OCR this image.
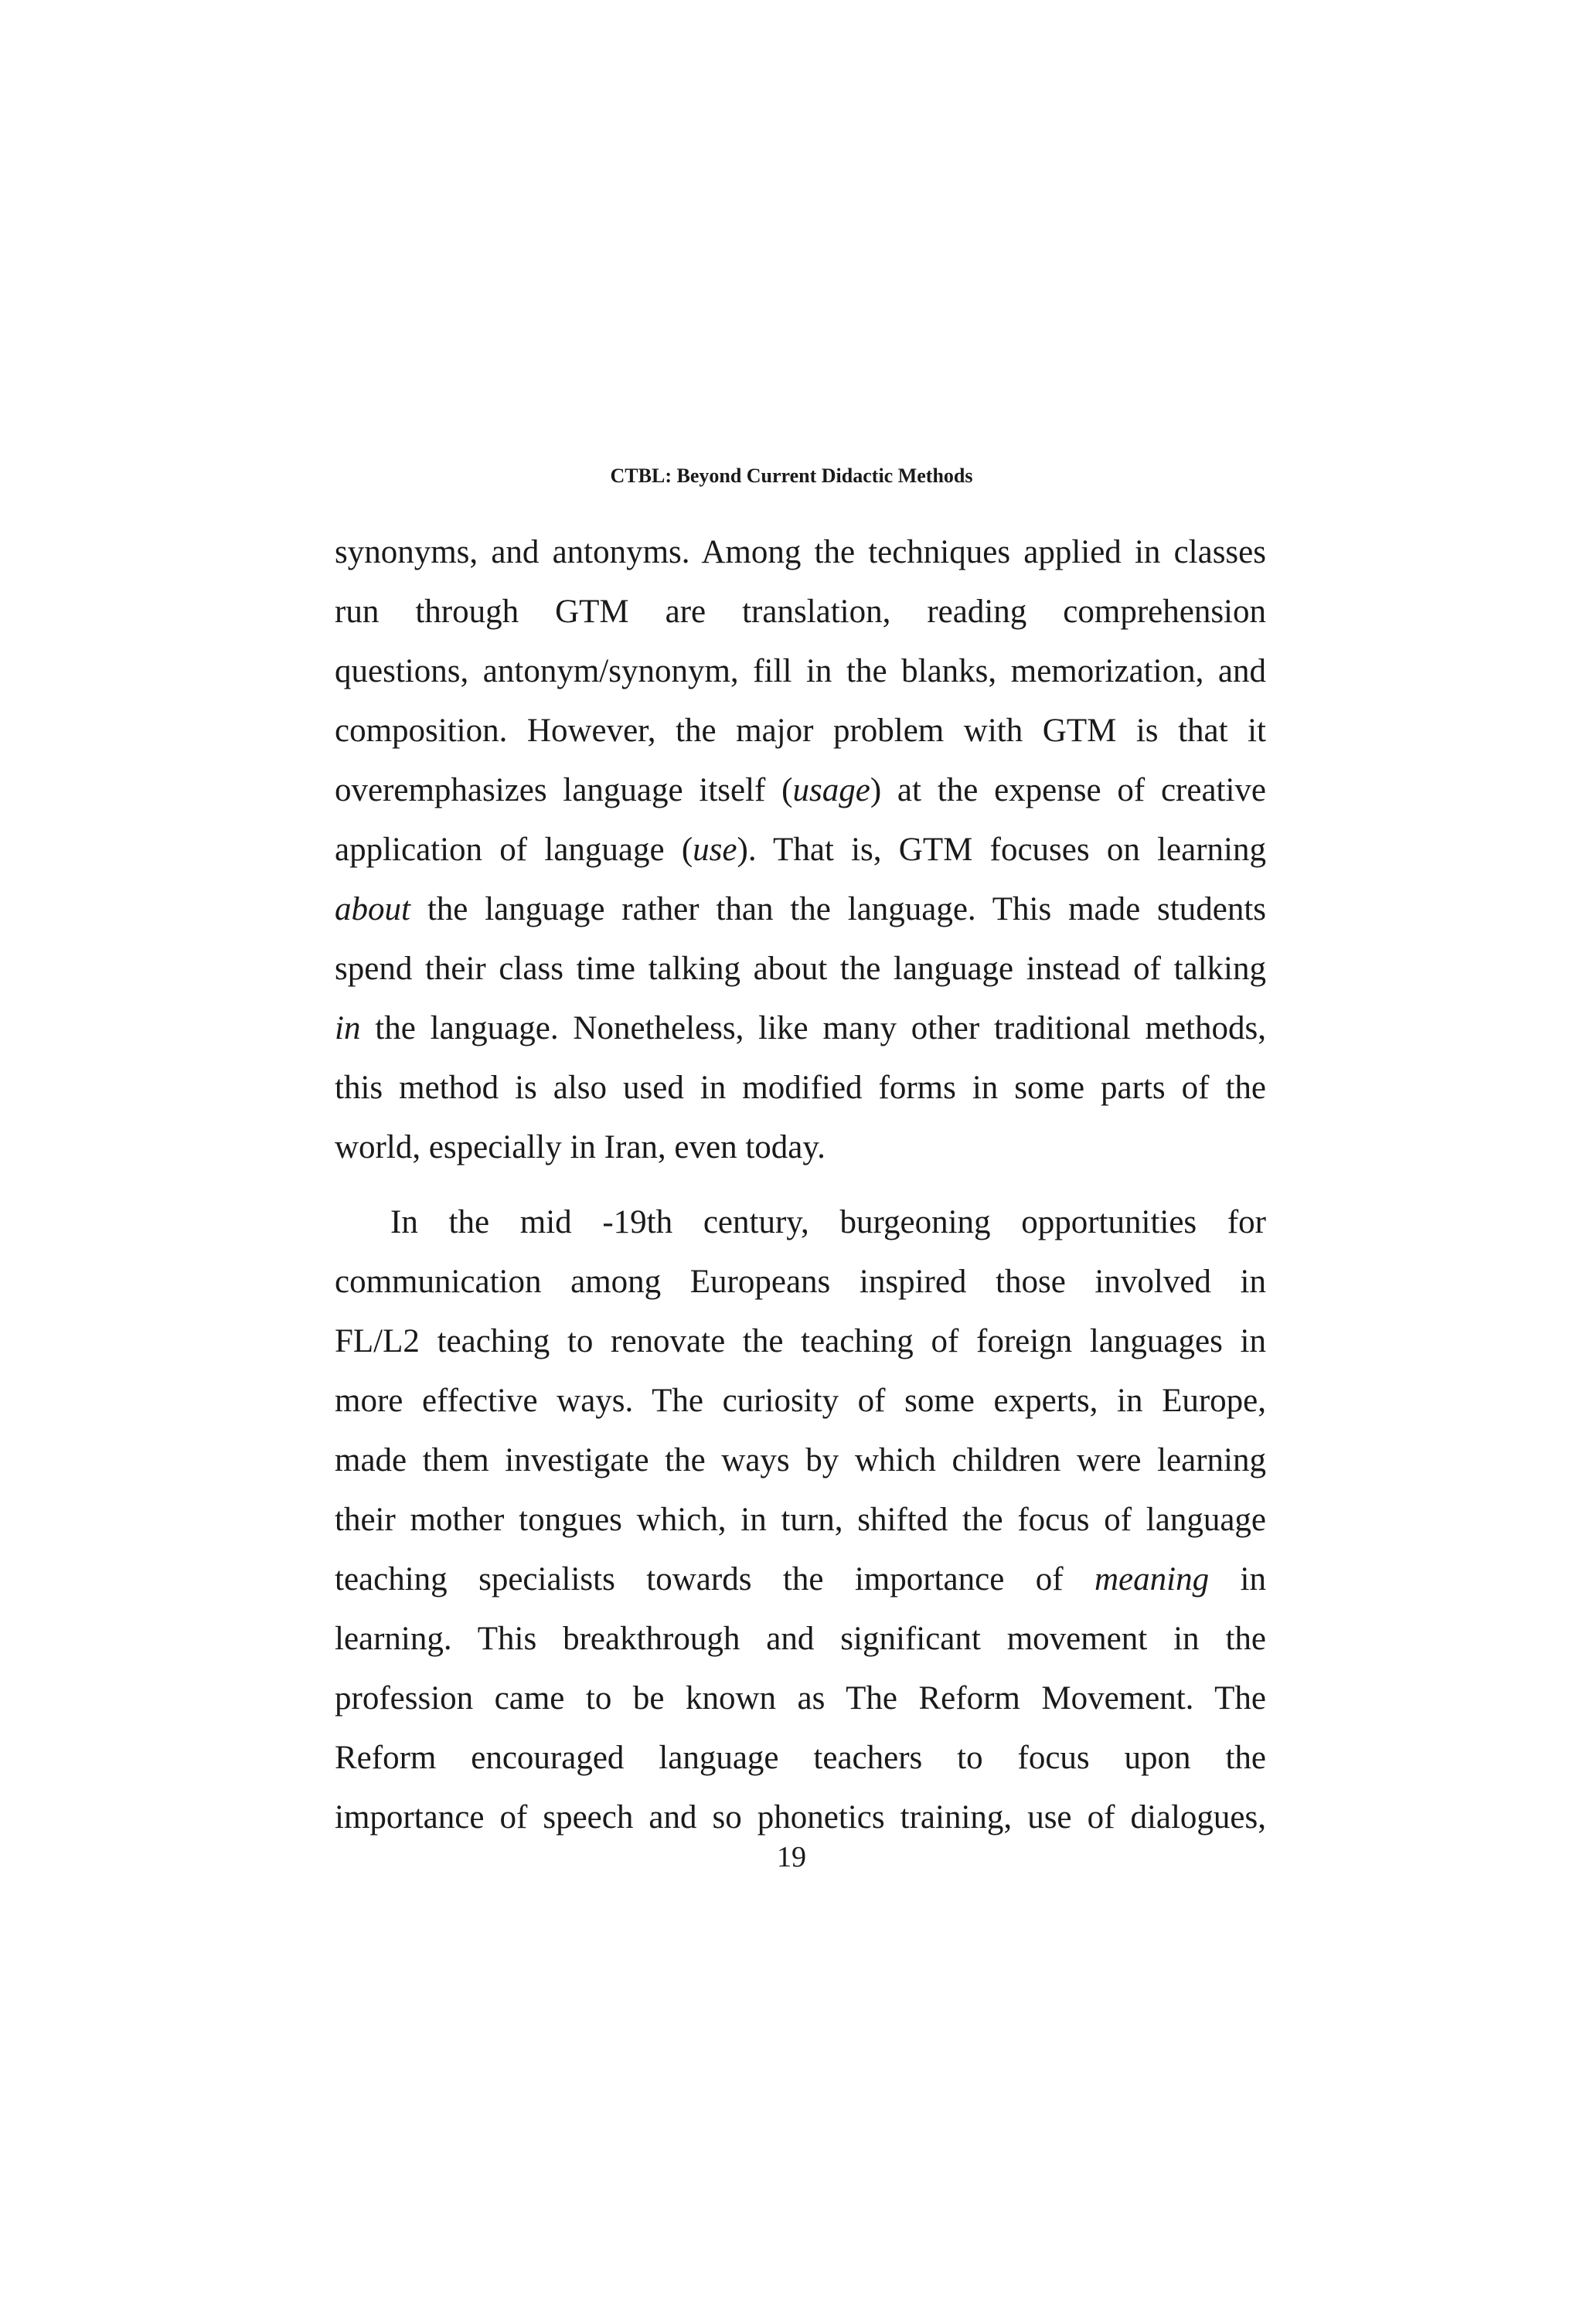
CTBL: Beyond Current Didactic Methods
synonyms, and antonyms. Among the techniques applied in classes
run through GTM are translation, reading comprehension
questions, antonym/synonym, fill in the blanks, memorization, and
composition. However, the major problem with GTM is that it
overemphasizes language itself (usage) at the expense of creative
application of language (use). That is, GTM focuses on learning
about the language rather than the language. This made students
spend their class time talking about the language instead of talking
in the language. Nonetheless, like many other traditional methods,
this method is also used in modified forms in some parts of the
world, especially in Iran, even today.
In the mid -19th century, burgeoning opportunities for
communication among Europeans inspired those involved in
FL/L2 teaching to renovate the teaching of foreign languages in
more effective ways. The curiosity of some experts, in Europe,
made them investigate the ways by which children were learning
their mother tongues which, in turn, shifted the focus of language
teaching specialists towards the importance of meaning in
learning. This breakthrough and significant movement in the
profession came to be known as The Reform Movement. The
Reform encouraged language teachers to focus upon the
importance of speech and so phonetics training, use of dialogues,
19
